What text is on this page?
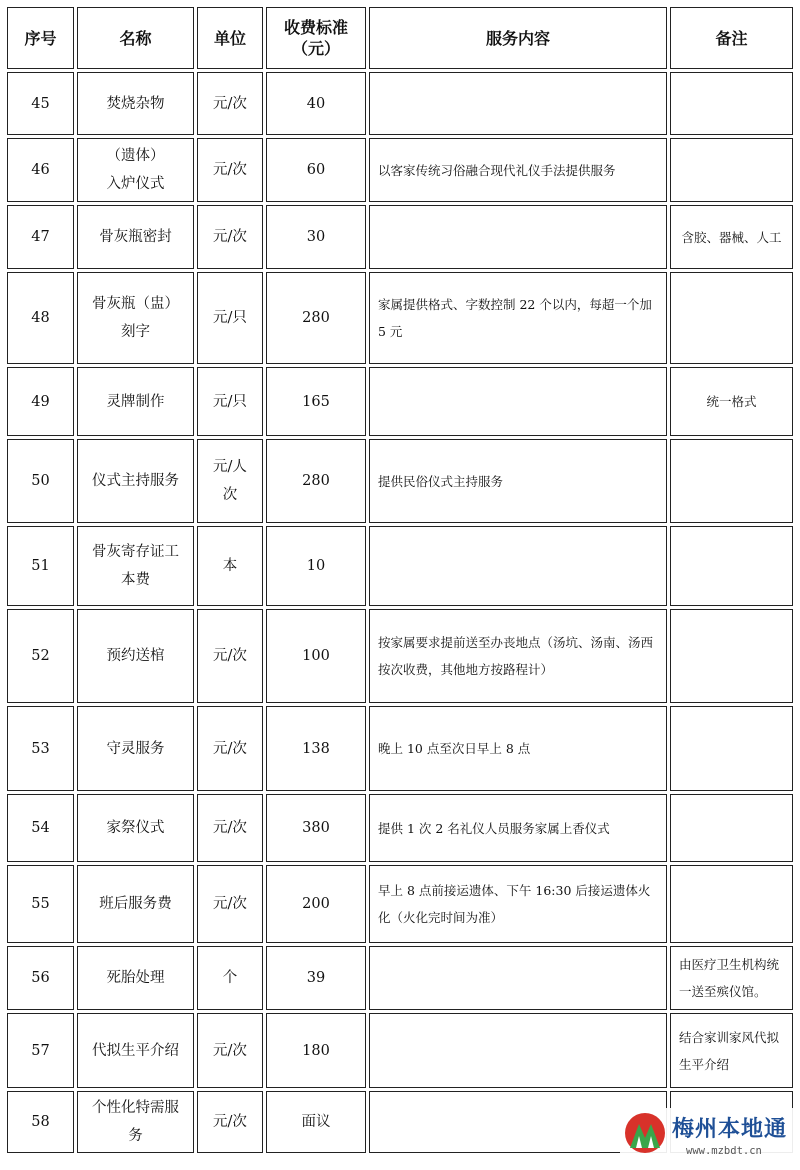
序号	名称	单位	收费标准（元）	服务内容	备注
45	焚烧杂物	元/次	40		
46	（遗体）入炉仪式	元/次	60	以客家传统习俗融合现代礼仪手法提供服务	
47	骨灰瓶密封	元/次	30		含胶、器械、人工
48	骨灰瓶（盅）刻字	元/只	280	家属提供格式、字数控制 22 个以内，每超一个加 5 元	
49	灵牌制作	元/只	165		统一格式
50	仪式主持服务	元/人次	280	提供民俗仪式主持服务	
51	骨灰寄存证工本费	本	10		
52	预约送棺	元/次	100	按家属要求提前送至办丧地点（汤坑、汤南、汤西按次收费，其他地方按路程计）	
53	守灵服务	元/次	138	晚上 10 点至次日早上 8 点	
54	家祭仪式	元/次	380	提供 1 次 2 名礼仪人员服务家属上香仪式	
55	班后服务费	元/次	200	早上 8 点前接运遗体、下午 16:30 后接运遗体火化（火化完时间为准）	
56	死胎处理	个	39		由医疗卫生机构统一送至殡仪馆。
57	代拟生平介绍	元/次	180		结合家训家风代拟生平介绍
58	个性化特需服务	元/次	面议			梅州本地通
www.mzbdt.cn
